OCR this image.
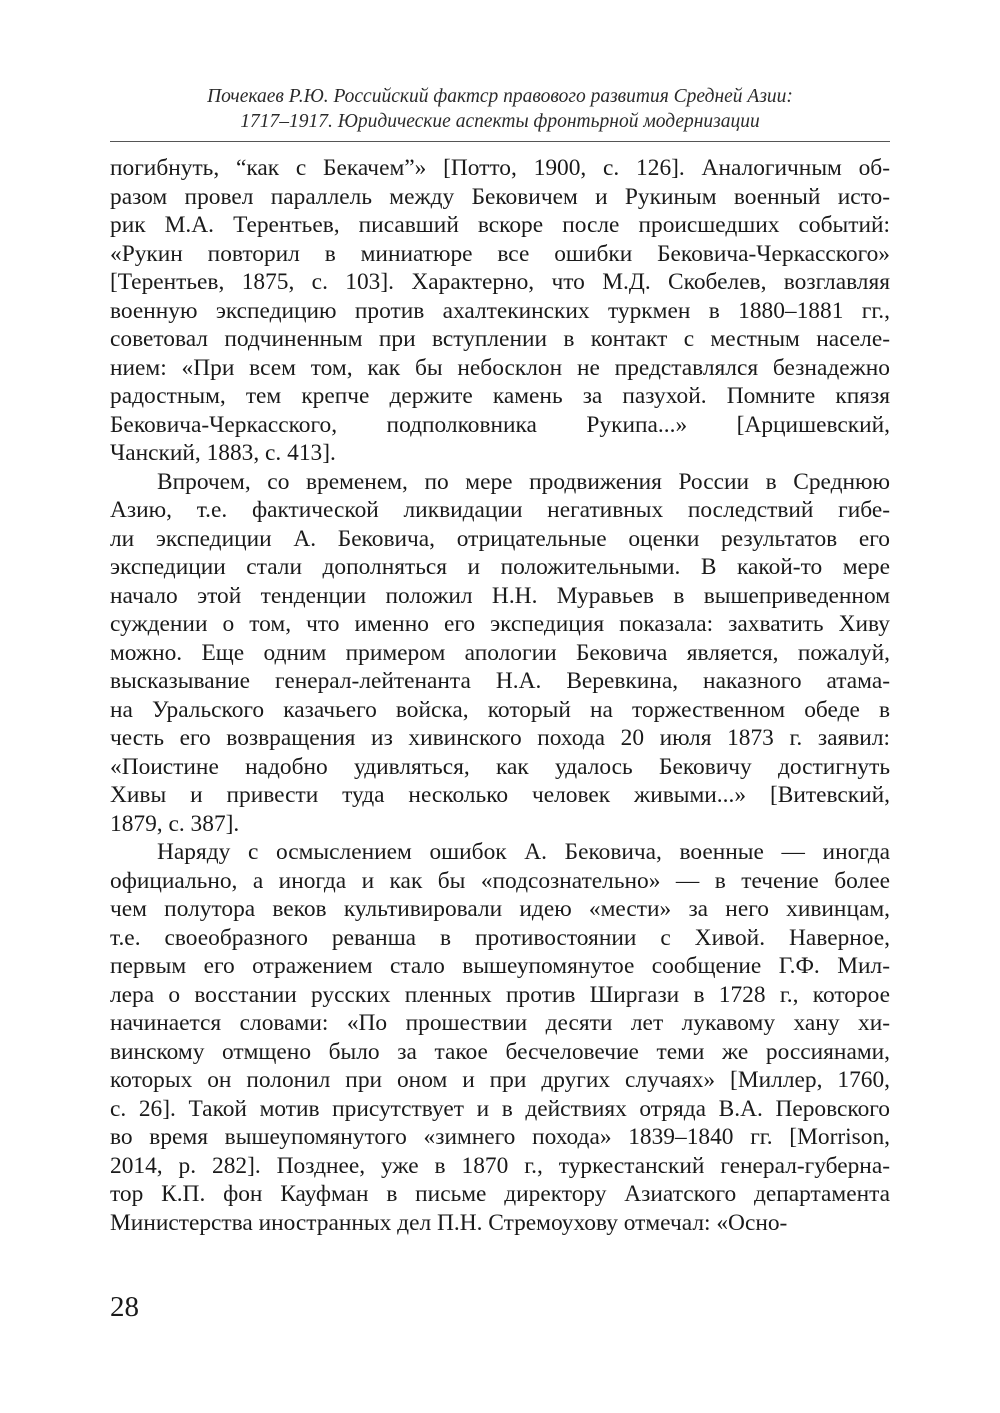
Почекаев Р.Ю. Российский фактср правового развития Средней Азии:
1717–1917. Юридические аспекты фронтьрной модернизации
погибнуть, “как с Бекачем”» [Потто, 1900, с. 126]. Аналогичным об-
разом провел параллель между Бековичем и Рукиным военный исто-
рик М.А. Терентьев, писавший вскоре после происшедших событий:
«Рукин повторил в миниатюре все ошибки Бековича-Черкасского»
[Терентьев, 1875, с. 103]. Характерно, что М.Д. Скобелев, возглавляя
военную экспедицию против ахалтекинских туркмен в 1880–1881 гг.,
советовал подчиненным при вступлении в контакт с местным населе-
нием: «При всем том, как бы небосклон не представлялся безнадежно
радостным, тем крепче держите камень за пазухой. Помните кпязя
Бековича-Черкасского, подполковника Рукипа...» [Арцишевский,
Чанский, 1883, с. 413].
Впрочем, со временем, по мере продвижения России в Среднюю
Азию, т.е. фактической ликвидации негативных последствий гибе-
ли экспедиции А. Бековича, отрицательные оценки результатов его
экспедиции стали дополняться и положительными. В какой-то мере
начало этой тенденции положил Н.Н. Муравьев в вышеприведенном
суждении о том, что именно его экспедиция показала: захватить Хиву
можно. Еще одним примером апологии Бековича является, пожалуй,
высказывание генерал-лейтенанта Н.А. Веревкина, наказного атама-
на Уральского казачьего войска, который на торжественном обеде в
честь его возвращения из хивинского похода 20 июля 1873 г. заявил:
«Поистине надобно удивляться, как удалось Бековичу достигнуть
Хивы и привести туда несколько человек живыми...» [Витевский,
1879, с. 387].
Наряду с осмыслением ошибок А. Бековича, военные — иногда
официально, а иногда и как бы «подсознательно» — в течение более
чем полутора веков культивировали идею «мести» за него хивинцам,
т.е. своеобразного реванша в противостоянии с Хивой. Наверное,
первым его отражением стало вышеупомянутое сообщение Г.Ф. Мил-
лера о восстании русских пленных против Ширгази в 1728 г., которое
начинается словами: «По прошествии десяти лет лукавому хану хи-
винскому отмщено было за такое бесчеловечие теми же россиянами,
которых он полонил при оном и при других случаях» [Миллер, 1760,
с. 26]. Такой мотив присутствует и в действиях отряда В.А. Перовского
во время вышеупомянутого «зимнего похода» 1839–1840 гг. [Morrison,
2014, p. 282]. Позднее, уже в 1870 г., туркестанский генерал-губерна-
тор К.П. фон Кауфман в письме директору Азиатского департамента
Министерства иностранных дел П.Н. Стремоухову отмечал: «Осно-
28
